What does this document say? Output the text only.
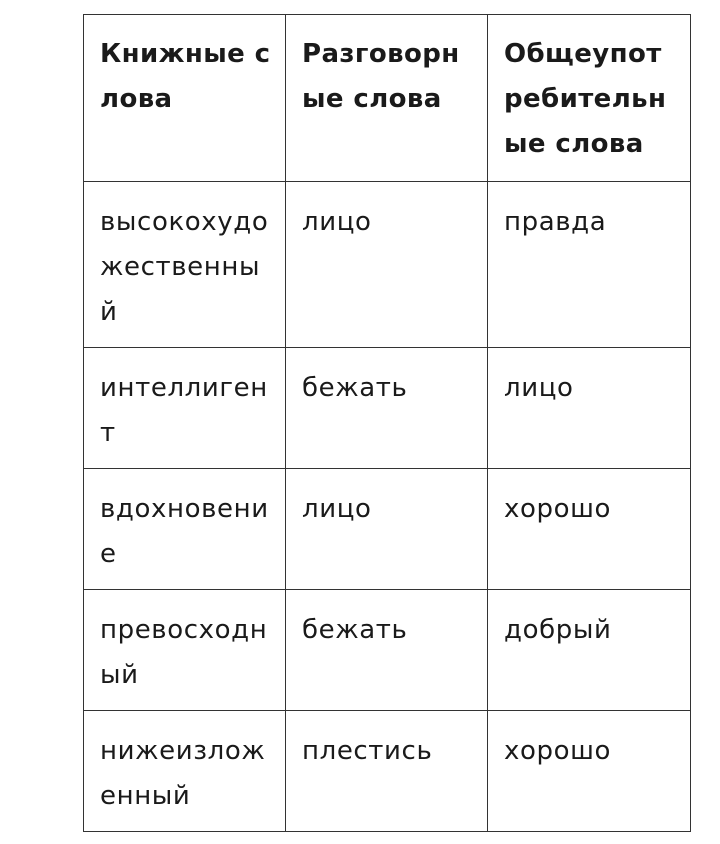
Книжные слова	Разговорные слова	Общеупотребительные слова
высокохудожественный	лицо	правда
интеллигент	бежать	лицо
вдохновение	лицо	хорошо
превосходный	бежать	добрый
нижеизложенный	плестись	хорошо
